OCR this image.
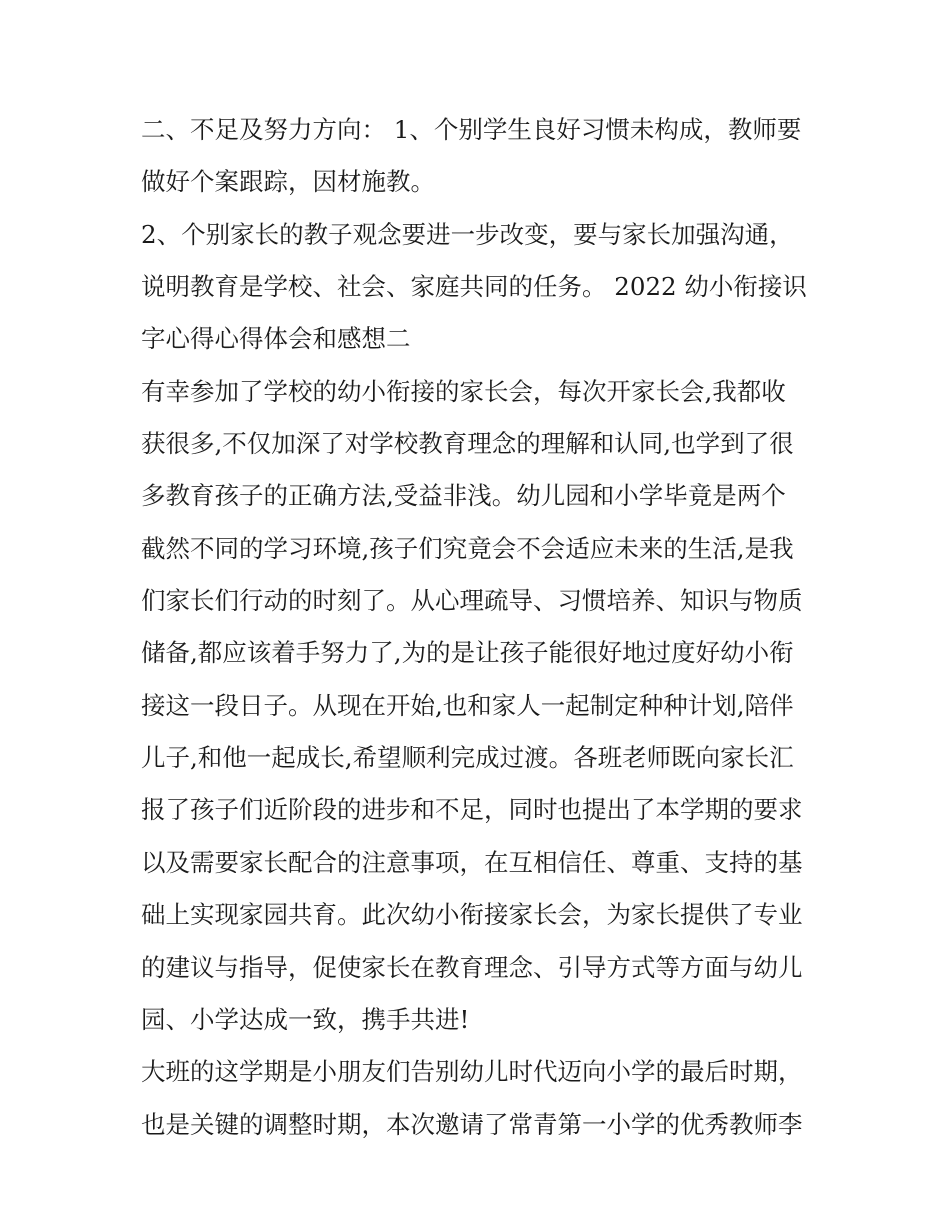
二、不足及努力方向： 1、个别学生良好习惯未构成，教师要
做好个案跟踪，因材施教。
2、个别家长的教子观念要进一步改变，要与家长加强沟通，
说明教育是学校、社会、家庭共同的任务。 2022 幼小衔接识
字心得心得体会和感想二
有幸参加了学校的幼小衔接的家长会，每次开家长会,我都收
获很多,不仅加深了对学校教育理念的理解和认同,也学到了很
多教育孩子的正确方法,受益非浅。幼儿园和小学毕竟是两个
截然不同的学习环境,孩子们究竟会不会适应未来的生活,是我
们家长们行动的时刻了。从心理疏导、习惯培养、知识与物质
储备,都应该着手努力了,为的是让孩子能很好地过度好幼小衔
接这一段日子。从现在开始,也和家人一起制定种种计划,陪伴
儿子,和他一起成长,希望顺利完成过渡。各班老师既向家长汇
报了孩子们近阶段的进步和不足，同时也提出了本学期的要求
以及需要家长配合的注意事项，在互相信任、尊重、支持的基
础上实现家园共育。此次幼小衔接家长会，为家长提供了专业
的建议与指导，促使家长在教育理念、引导方式等方面与幼儿
园、小学达成一致，携手共进!
大班的这学期是小朋友们告别幼儿时代迈向小学的最后时期，
也是关键的调整时期，本次邀请了常青第一小学的优秀教师李
